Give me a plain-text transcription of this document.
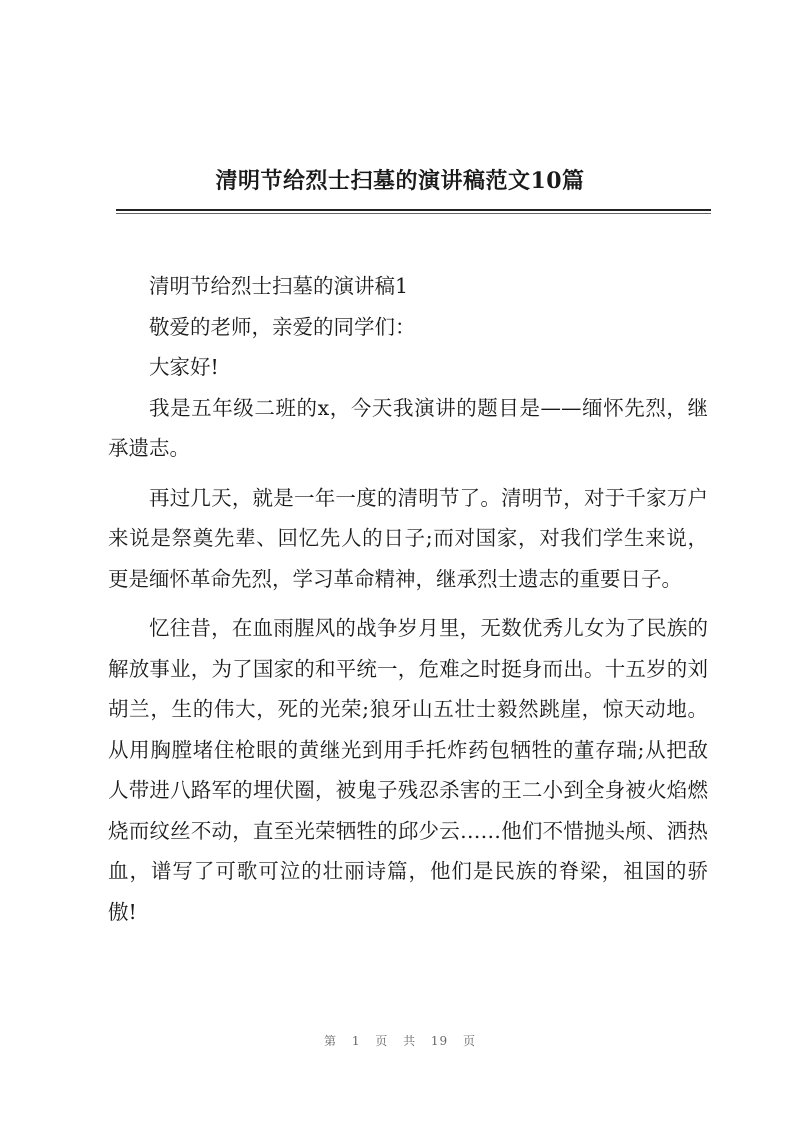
清明节给烈士扫墓的演讲稿范文10篇

清明节给烈士扫墓的演讲稿1

敬爱的老师，亲爱的同学们：

大家好!

我是五年级二班的x，今天我演讲的题目是——缅怀先烈，继承遗志。

再过几天，就是一年一度的清明节了。清明节，对于千家万户来说是祭奠先辈、回忆先人的日子;而对国家，对我们学生来说，更是缅怀革命先烈，学习革命精神，继承烈士遗志的重要日子。

忆往昔，在血雨腥风的战争岁月里，无数优秀儿女为了民族的解放事业，为了国家的和平统一，危难之时挺身而出。十五岁的刘胡兰，生的伟大，死的光荣;狼牙山五壮士毅然跳崖，惊天动地。从用胸膛堵住枪眼的黄继光到用手托炸药包牺牲的董存瑞;从把敌人带进八路军的埋伏圈，被鬼子残忍杀害的王二小到全身被火焰燃烧而纹丝不动，直至光荣牺牲的邱少云……他们不惜抛头颅、洒热血，谱写了可歌可泣的壮丽诗篇，他们是民族的脊梁，祖国的骄傲!

第 1 页 共 19 页
